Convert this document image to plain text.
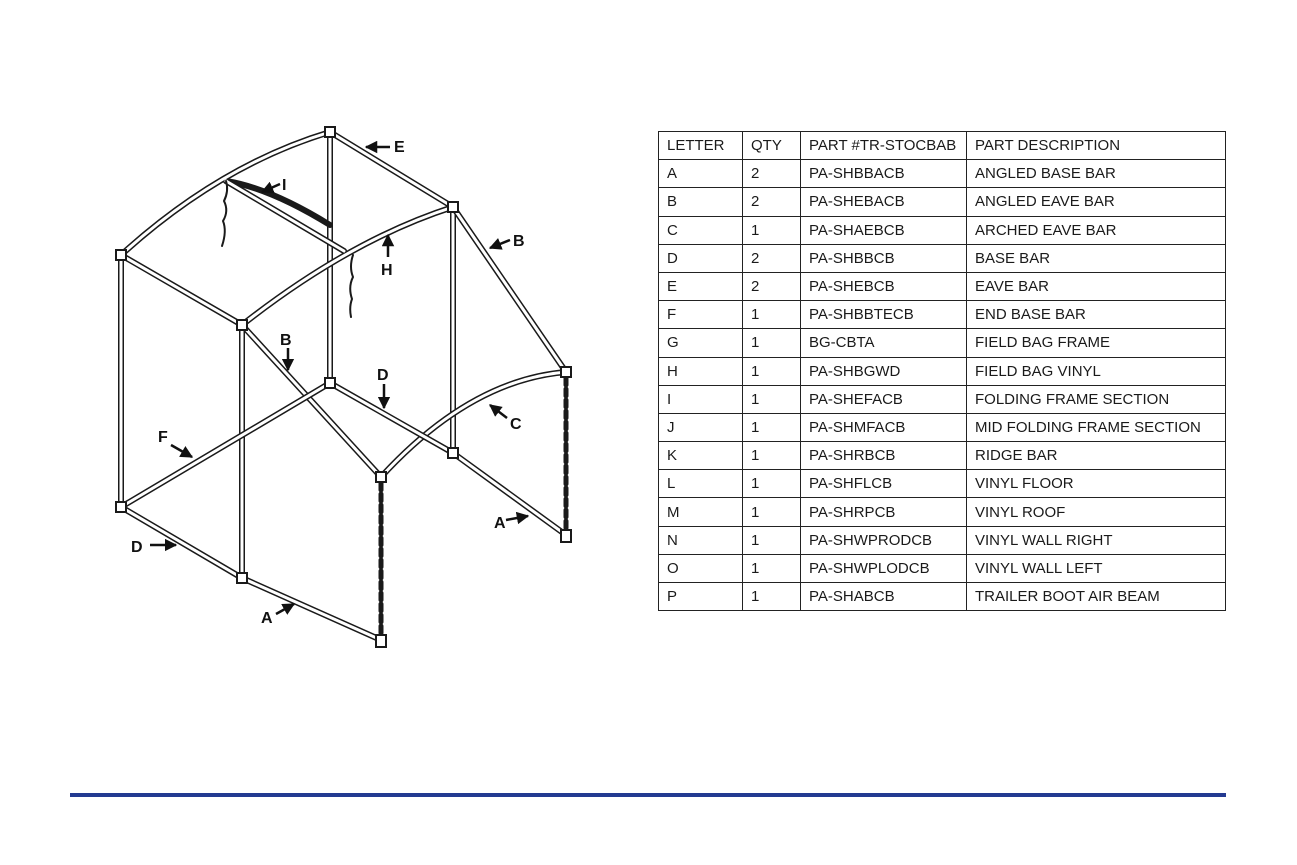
E
I
B
H
B
D
C
F
D
A
A
LETTER	QTY	PART #TR-STOCBAB	PART DESCRIPTION
A	2	PA-SHBBACB	ANGLED BASE BAR
B	2	PA-SHEBACB	ANGLED EAVE BAR
C	1	PA-SHAEBCB	ARCHED EAVE BAR
D	2	PA-SHBBCB	BASE BAR
E	2	PA-SHEBCB	EAVE BAR
F	1	PA-SHBBTECB	END BASE BAR
G	1	BG-CBTA	FIELD BAG FRAME
H	1	PA-SHBGWD	FIELD BAG VINYL
I	1	PA-SHEFACB	FOLDING FRAME SECTION
J	1	PA-SHMFACB	MID FOLDING FRAME SECTION
K	1	PA-SHRBCB	RIDGE BAR
L	1	PA-SHFLCB	VINYL FLOOR
M	1	PA-SHRPCB	VINYL ROOF
N	1	PA-SHWPRODCB	VINYL WALL RIGHT
O	1	PA-SHWPLODCB	VINYL WALL LEFT
P	1	PA-SHABCB	TRAILER BOOT AIR BEAM
